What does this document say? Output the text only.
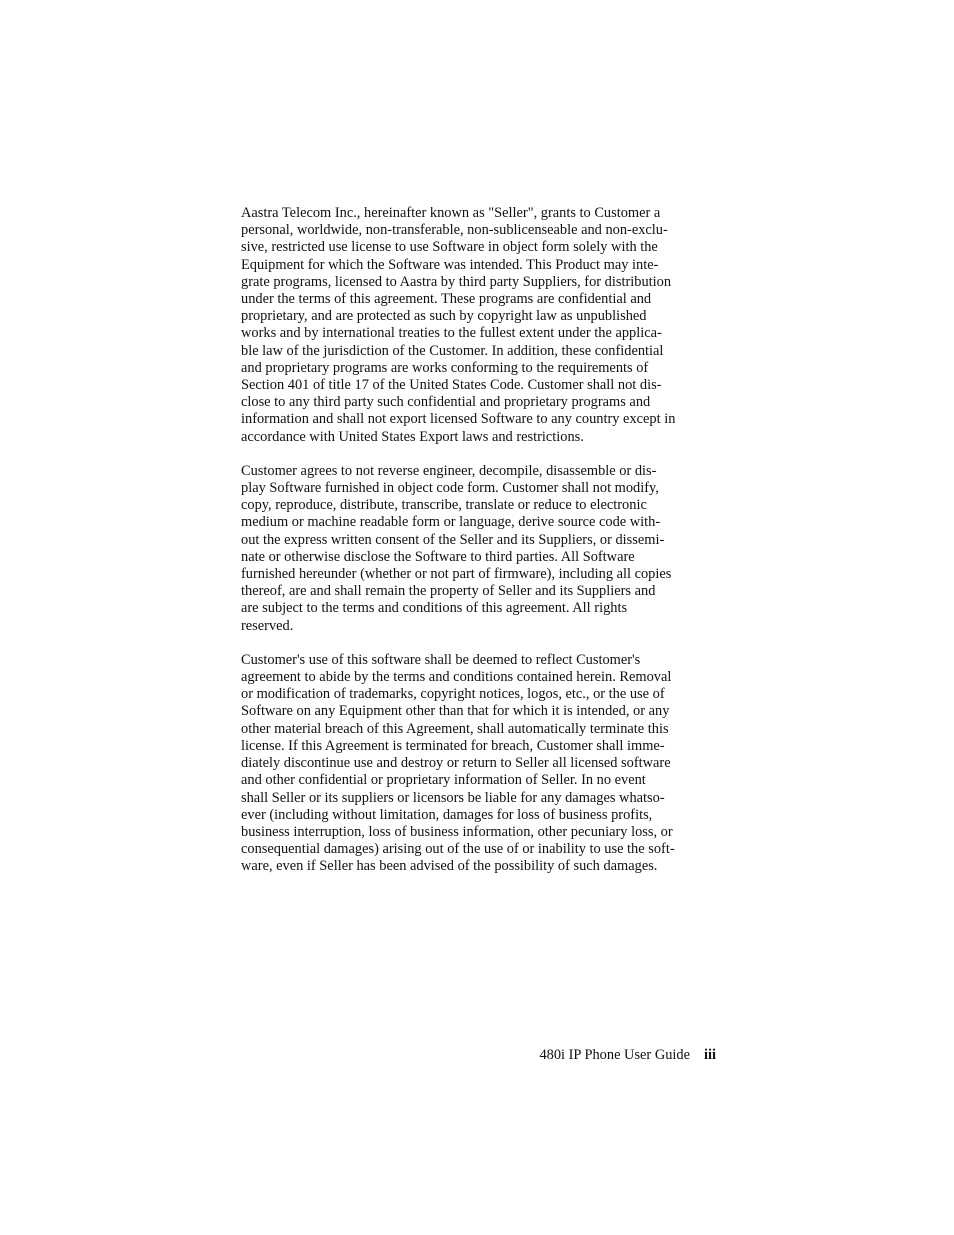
Aastra Telecom Inc., hereinafter known as "Seller", grants to Customer a
personal, worldwide, non-transferable, non-sublicenseable and non-exclu-
sive, restricted use license to use Software in object form solely with the
Equipment for which the Software was intended. This Product may inte-
grate programs, licensed to Aastra by third party Suppliers, for distribution
under the terms of this agreement. These programs are confidential and
proprietary, and are protected as such by copyright law as unpublished
works and by international treaties to the fullest extent under the applica-
ble law of the jurisdiction of the Customer. In addition, these confidential
and proprietary programs are works conforming to the requirements of
Section 401 of title 17 of the United States Code. Customer shall not dis-
close to any third party such confidential and proprietary programs and
information and shall not export licensed Software to any country except in
accordance with United States Export laws and restrictions.

Customer agrees to not reverse engineer, decompile, disassemble or dis-
play Software furnished in object code form. Customer shall not modify,
copy, reproduce, distribute, transcribe, translate or reduce to electronic
medium or machine readable form or language, derive source code with-
out the express written consent of the Seller and its Suppliers, or dissemi-
nate or otherwise disclose the Software to third parties. All Software
furnished hereunder (whether or not part of firmware), including all copies
thereof, are and shall remain the property of Seller and its Suppliers and
are subject to the terms and conditions of this agreement. All rights
reserved.

Customer's use of this software shall be deemed to reflect Customer's
agreement to abide by the terms and conditions contained herein. Removal
or modification of trademarks, copyright notices, logos, etc., or the use of
Software on any Equipment other than that for which it is intended, or any
other material breach of this Agreement, shall automatically terminate this
license. If this Agreement is terminated for breach, Customer shall imme-
diately discontinue use and destroy or return to Seller all licensed software
and other confidential or proprietary information of Seller. In no event
shall Seller or its suppliers or licensors be liable for any damages whatso-
ever (including without limitation, damages for loss of business profits,
business interruption, loss of business information, other pecuniary loss, or
consequential damages) arising out of the use of or inability to use the soft-
ware, even if Seller has been advised of the possibility of such damages.

480i IP Phone User Guide iii
